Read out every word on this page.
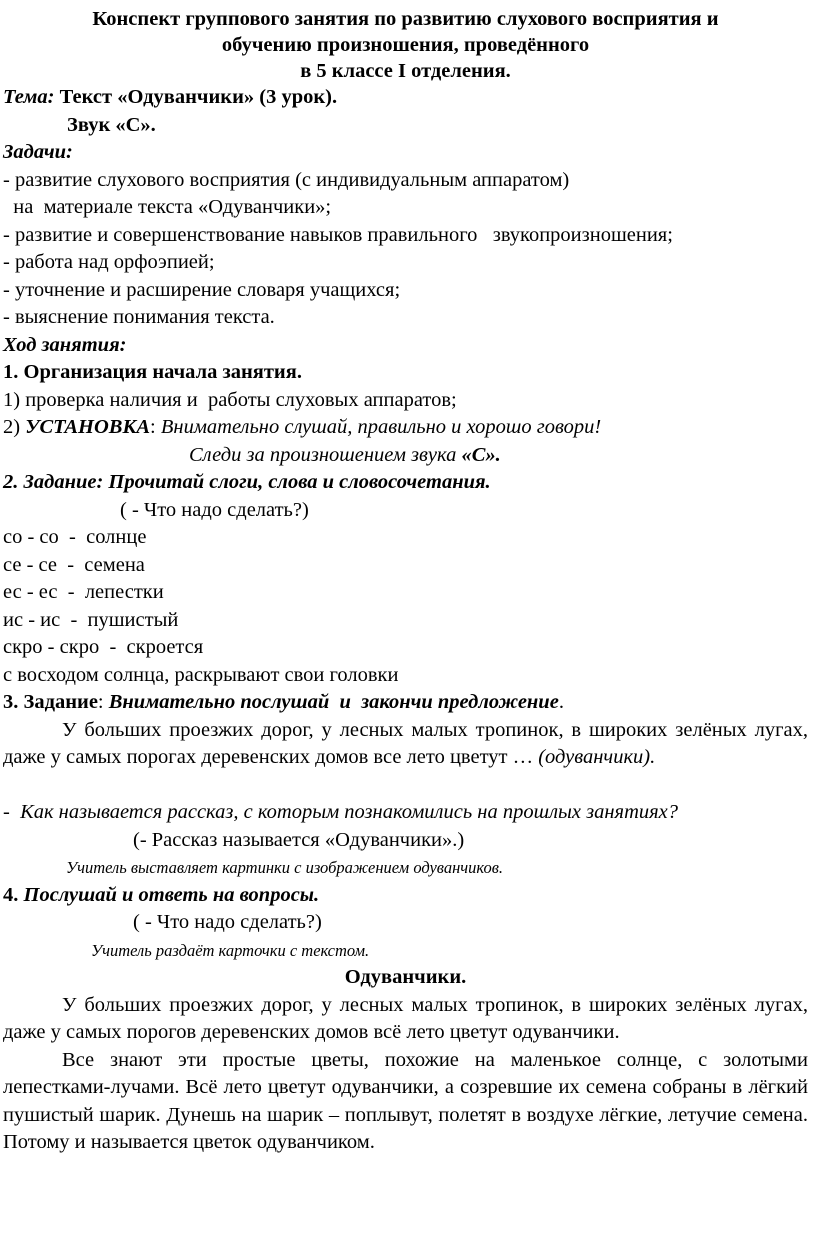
Конспект группового занятия по развитию слухового восприятия и
обучению произношения, проведённого
в 5 классе I отделения.
Тема: Текст «Одуванчики» (3 урок).
Звук «С».
Задачи:
- развитие слухового восприятия (с индивидуальным аппаратом)
на  материале текста «Одуванчики»;
- развитие и совершенствование навыков правильного   звукопроизношения;
- работа над орфоэпией;
- уточнение и расширение словаря учащихся;
- выяснение понимания текста.
Ход занятия:
1. Организация начала занятия.
1) проверка наличия и  работы слуховых аппаратов;
2) УСТАНОВКА: Внимательно слушай, правильно и хорошо говори!
Следи за произношением звука «С».
2. Задание: Прочитай слоги, слова и словосочетания.
( - Что надо сделать?)
со - со  -  солнце
се - се  -  семена
ес - ес  -  лепестки
ис - ис  -  пушистый
скро - скро  -  скроется
с восходом солнца, раскрывают свои головки
3. Задание: Внимательно послушай  и  закончи предложение.
У больших проезжих дорог, у лесных малых тропинок, в широких зелёных лугах, даже у самых порогах деревенских домов все лето цветут … (одуванчики).
-  Как называется рассказ, с которым познакомились на прошлых занятиях?
(- Рассказ называется «Одуванчики».)
Учитель выставляет картинки с изображением одуванчиков.
4. Послушай и ответь на вопросы.
( - Что надо сделать?)
Учитель раздаёт карточки с текстом.
Одуванчики.
У больших проезжих дорог, у лесных малых тропинок, в широких зелёных лугах, даже у самых порогов деревенских домов всё лето цветут одуванчики.
Все знают эти простые цветы, похожие на маленькое солнце, с золотыми лепестками-лучами. Всё лето цветут одуванчики, а созревшие их семена собраны в лёгкий пушистый шарик. Дунешь на шарик – поплывут, полетят в воздухе лёгкие, летучие семена. Потому и называется цветок одуванчиком.
